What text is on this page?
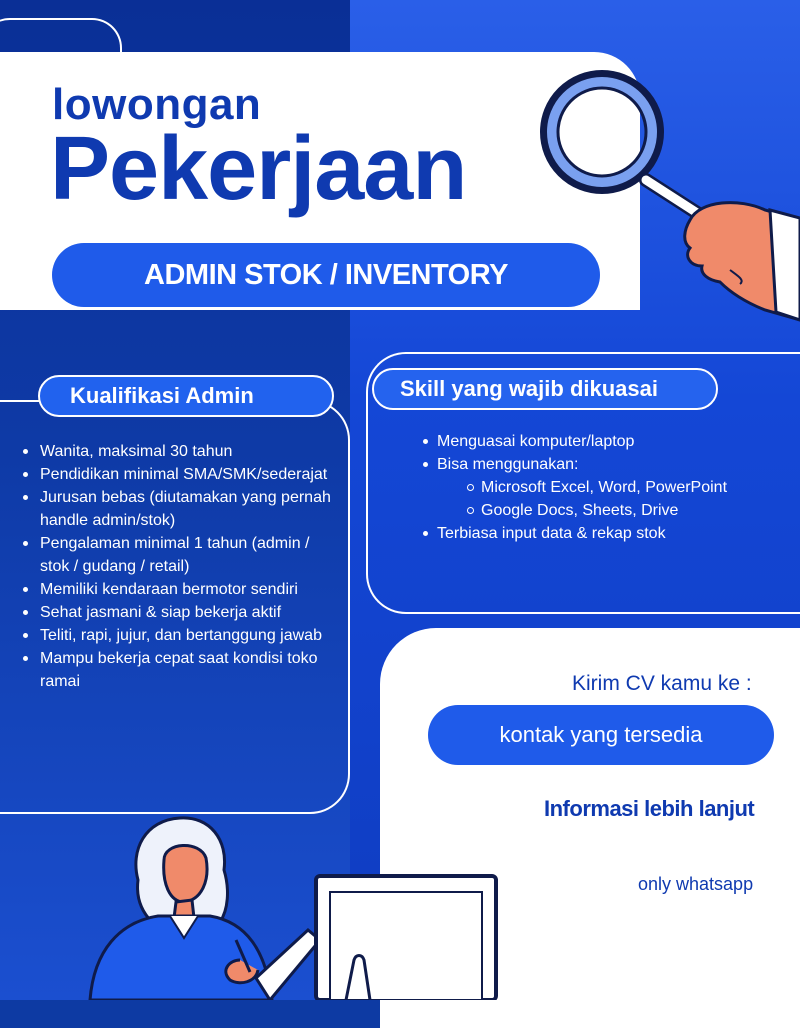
lowongan
Pekerjaan
ADMIN STOK / INVENTORY
Kualifikasi Admin
Wanita, maksimal 30 tahun
Pendidikan minimal SMA/SMK/sederajat
Jurusan bebas (diutamakan yang pernah handle admin/stok)
Pengalaman minimal 1 tahun (admin / stok / gudang / retail)
Memiliki kendaraan bermotor sendiri
Sehat jasmani & siap bekerja aktif
Teliti, rapi, jujur, dan bertanggung jawab
Mampu bekerja cepat saat kondisi toko ramai
Skill yang wajib dikuasai
Menguasai komputer/laptop
Bisa menggunakan:
Microsoft Excel, Word, PowerPoint
Google Docs, Sheets, Drive
Terbiasa input data & rekap stok
Kirim CV kamu ke :
kontak yang tersedia
Informasi lebih lanjut
only whatsapp
